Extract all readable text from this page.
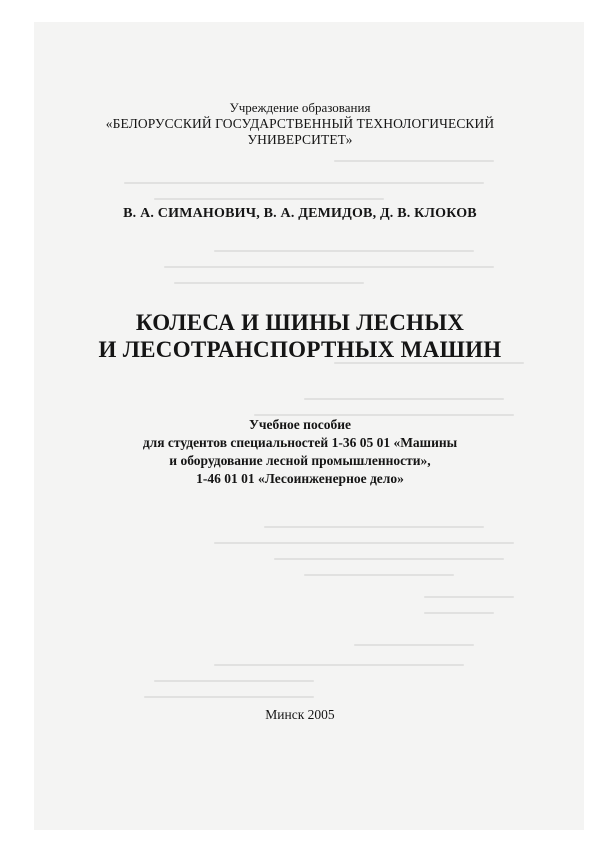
Учреждение образования
«БЕЛОРУССКИЙ ГОСУДАРСТВЕННЫЙ ТЕХНОЛОГИЧЕСКИЙ
УНИВЕРСИТЕТ»
В. А. СИМАНОВИЧ, В. А. ДЕМИДОВ, Д. В. КЛОКОВ
КОЛЕСА И ШИНЫ ЛЕСНЫХ
И ЛЕСОТРАНСПОРТНЫХ МАШИН
Учебное пособие
для студентов специальностей 1-36 05 01 «Машины
и оборудование лесной промышленности»,
1-46 01 01 «Лесоинженерное дело»
Минск 2005
